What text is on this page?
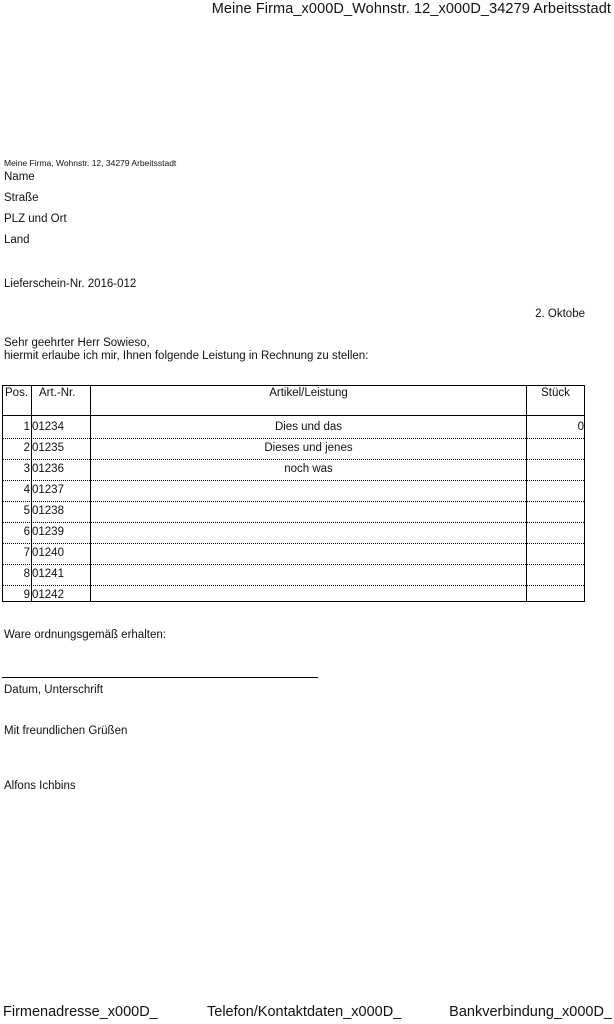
Meine Firma_x000D_Wohnstr. 12_x000D_34279 Arbeitsstadt
Meine Firma, Wohnstr. 12, 34279 Arbeitsstadt
Name
Straße
PLZ und Ort
Land
Lieferschein-Nr. 2016-012
2. Oktobe
Sehr geehrter Herr Sowieso,
hiermit erlaube ich mir, Ihnen folgende Leistung in Rechnung zu stellen:
Pos. Art.-Nr.	Artikel/Leistung	Stück
1 01234	Dies und das	0
2 01235	Dieses und jenes
3 01236	noch was
4 01237
5 01238
6 01239
7 01240
8 01241
9 01242
Ware ordnungsgemäß erhalten:
Datum, Unterschrift
Mit freundlichen Grüßen
Alfons Ichbins
Firmenadresse_x000D_	Telefon/Kontaktdaten_x000D_	Bankverbindung_x000D_
